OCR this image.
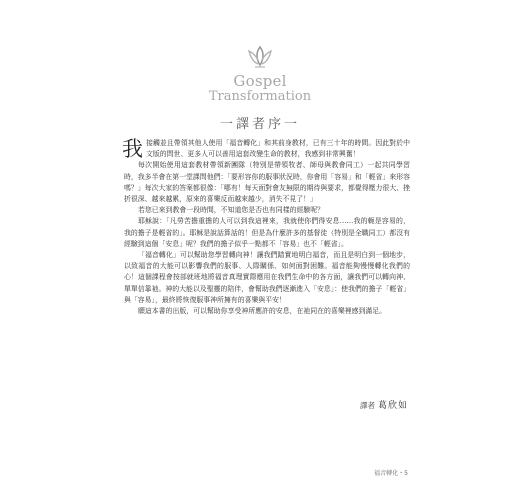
Gospel
Transformation
一譯者序一

我接觸並且帶領其他人使用「福音轉化」和其前身教材，已有三十年的時間。因此對於中文版的問世、更多人可以善用這套改變生命的教材，我感到非常興奮！

每次開始使用這套教材帶領新團隊（特別是帶領牧者、師母與教會同工）一起共同學習時，我多半會在第一堂課問他們：「要形容你的服事狀況時，你會用「容易」和「輕省」來形容嗎？」每次大家的答案都很像：「哪有！每天面對會友無限的期待與要求，都覺得壓力很大、挫折很深、越來越累，原來的喜樂反而越來越少，消失不見了！」

若您已來到教會一段時間，不知道您是否也有同樣的經驗呢？

耶穌說：「凡勞苦擔重擔的人可以到我這裡來，我就使你們得安息……我的軛是容易的，我的擔子是輕省的」。耶穌是說話算話的！但是為什麼許多的基督徒（特別是全職同工）都沒有經驗到這個「安息」呢？我們的擔子似乎一點都不「容易」也不「輕省」。

「福音轉化」可以幫助您學習轉向神！讓我們踏實地明白福音，而且是明白到一個地步，以致福音的大能可以影響我們的服事、人際關係、如何面對困難。福音能夠慢慢轉化我們的心！這個課程會按部就班地將福音真理實際應用在我們生命中的各方面，讓我們可以轉向神、單單信靠祂。神的大能以及聖靈的陪伴，會幫助我們逐漸進入「安息」：使我們的擔子「輕省」與「容易」，最終將恢復服事神所擁有的喜樂與平安！

願這本書的出版，可以幫助你享受神所應許的安息，在祂同在的喜樂裡感到滿足。

譯者 葛欣如
福音轉化・5
